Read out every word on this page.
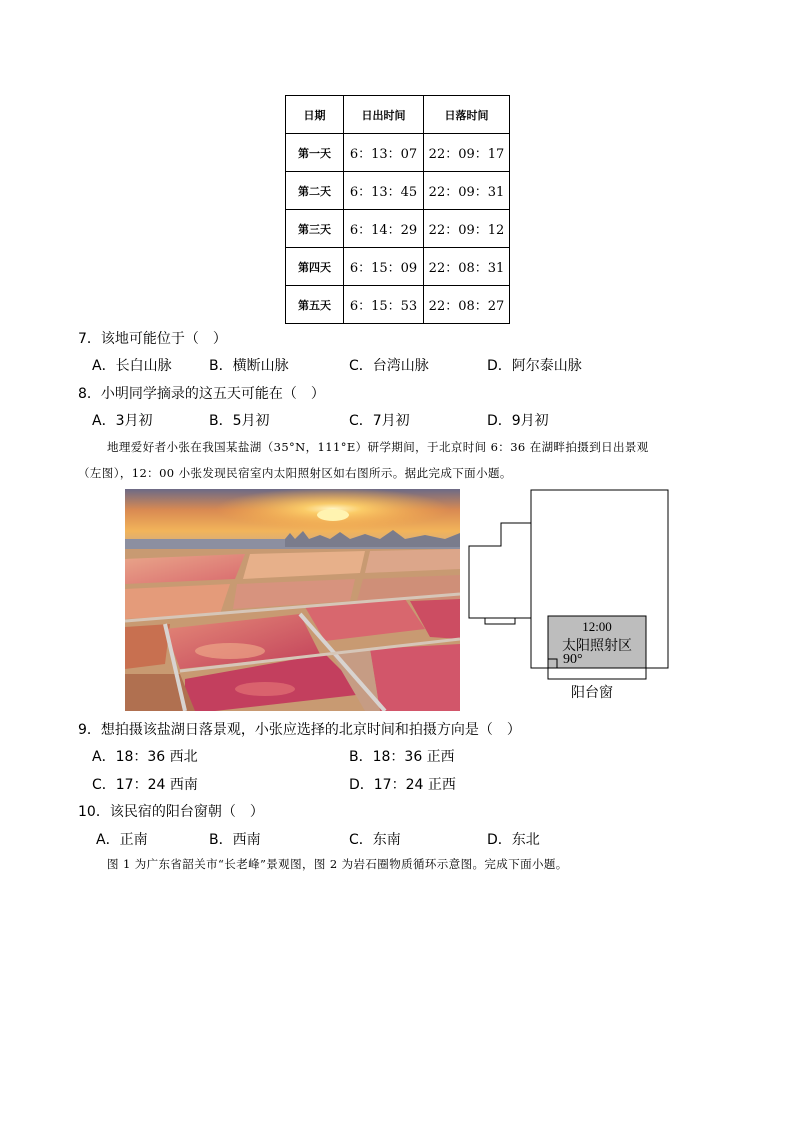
日期	日出时间	日落时间
第一天	6：13：07	22：09：17
第二天	6：13：45	22：09：31
第三天	6：14：29	22：09：12
第四天	6：15：09	22：08：31
第五天	6：15：53	22：08：27
7．该地可能位于（　）
A．长白山脉	B．横断山脉	C．台湾山脉	D．阿尔泰山脉
8．小明同学摘录的这五天可能在（　）
A．3月初	B．5月初	C．7月初	D．9月初
地理爱好者小张在我国某盐湖（35°N，111°E）研学期间，于北京时间 6：36 在湖畔拍摄到日出景观
（左图），12：00 小张发现民宿室内太阳照射区如右图所示。据此完成下面小题。
12:00
太阳照射区
90°
阳台窗
9．想拍摄该盐湖日落景观，小张应选择的北京时间和拍摄方向是（　）
A．18：36 西北	B．18：36 正西
C．17：24 西南	D．17：24 正西
10．该民宿的阳台窗朝（　）
A．正南	B．西南	C．东南	D．东北
图 1 为广东省韶关市“长老峰”景观图，图 2 为岩石圈物质循环示意图。完成下面小题。
